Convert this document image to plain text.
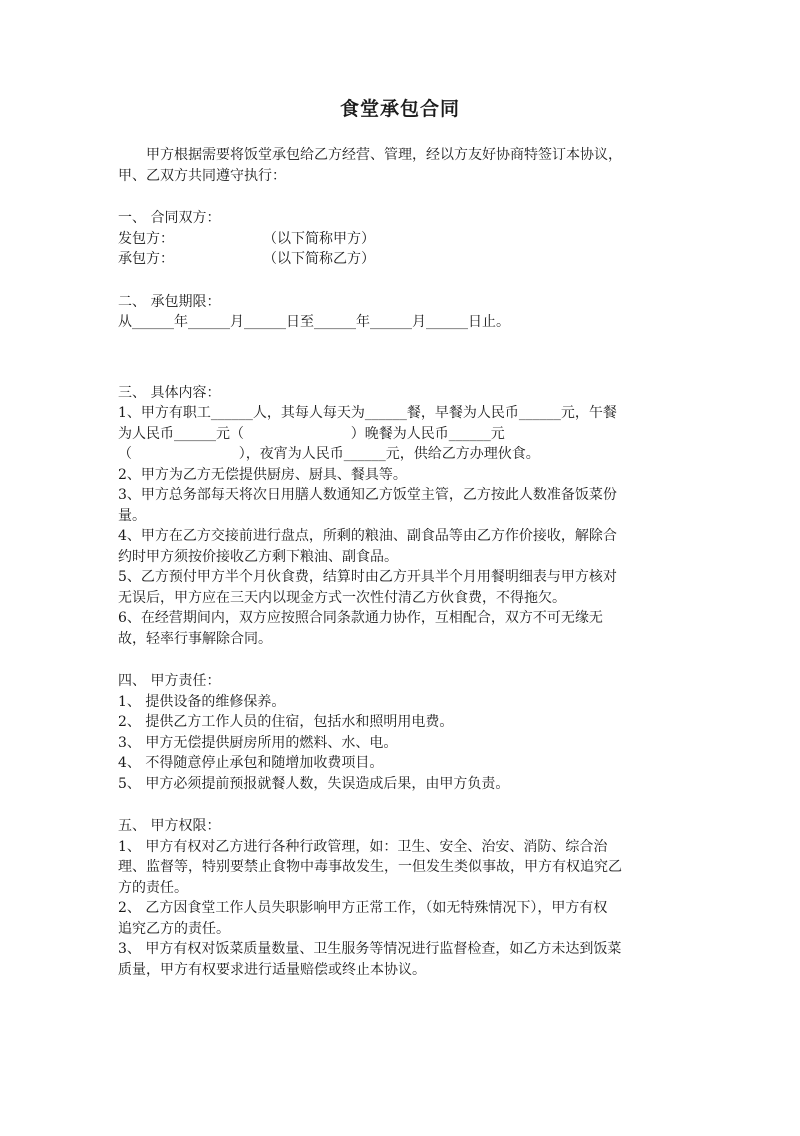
食堂承包合同
甲方根据需要将饭堂承包给乙方经营、管理，经以方友好协商特签订本协议，
甲、乙双方共同遵守执行：
一、 合同双方：
发包方：                    （以下简称甲方）
承包方：                    （以下简称乙方）
二、 承包期限：
从______年______月______日至______年______月______日止。
三、 具体内容：
1、甲方有职工______人，其每人每天为______餐，早餐为人民币______元，午餐
为人民币______元（                        ）晚餐为人民币______元
（                        ），夜宵为人民币______元，供给乙方办理伙食。
2、甲方为乙方无偿提供厨房、厨具、餐具等。
3、甲方总务部每天将次日用膳人数通知乙方饭堂主管，乙方按此人数准备饭菜份
量。
4、甲方在乙方交接前进行盘点，所剩的粮油、副食品等由乙方作价接收，解除合
约时甲方须按价接收乙方剩下粮油、副食品。
5、乙方预付甲方半个月伙食费，结算时由乙方开具半个月用餐明细表与甲方核对
无误后，甲方应在三天内以现金方式一次性付清乙方伙食费，不得拖欠。
6、在经营期间内，双方应按照合同条款通力协作，互相配合，双方不可无缘无
故，轻率行事解除合同。
四、 甲方责任：
1、 提供设备的维修保养。
2、 提供乙方工作人员的住宿，包括水和照明用电费。
3、 甲方无偿提供厨房所用的燃料、水、电。
4、 不得随意停止承包和随增加收费项目。
5、 甲方必须提前预报就餐人数，失误造成后果，由甲方负责。
五、 甲方权限：
1、 甲方有权对乙方进行各种行政管理，如：卫生、安全、治安、消防、综合治
理、监督等，特别要禁止食物中毒事故发生，一但发生类似事故，甲方有权追究乙
方的责任。
2、 乙方因食堂工作人员失职影响甲方正常工作，（如无特殊情况下），甲方有权
追究乙方的责任。
3、 甲方有权对饭菜质量数量、卫生服务等情况进行监督检查，如乙方未达到饭菜
质量，甲方有权要求进行适量赔偿或终止本协议。
